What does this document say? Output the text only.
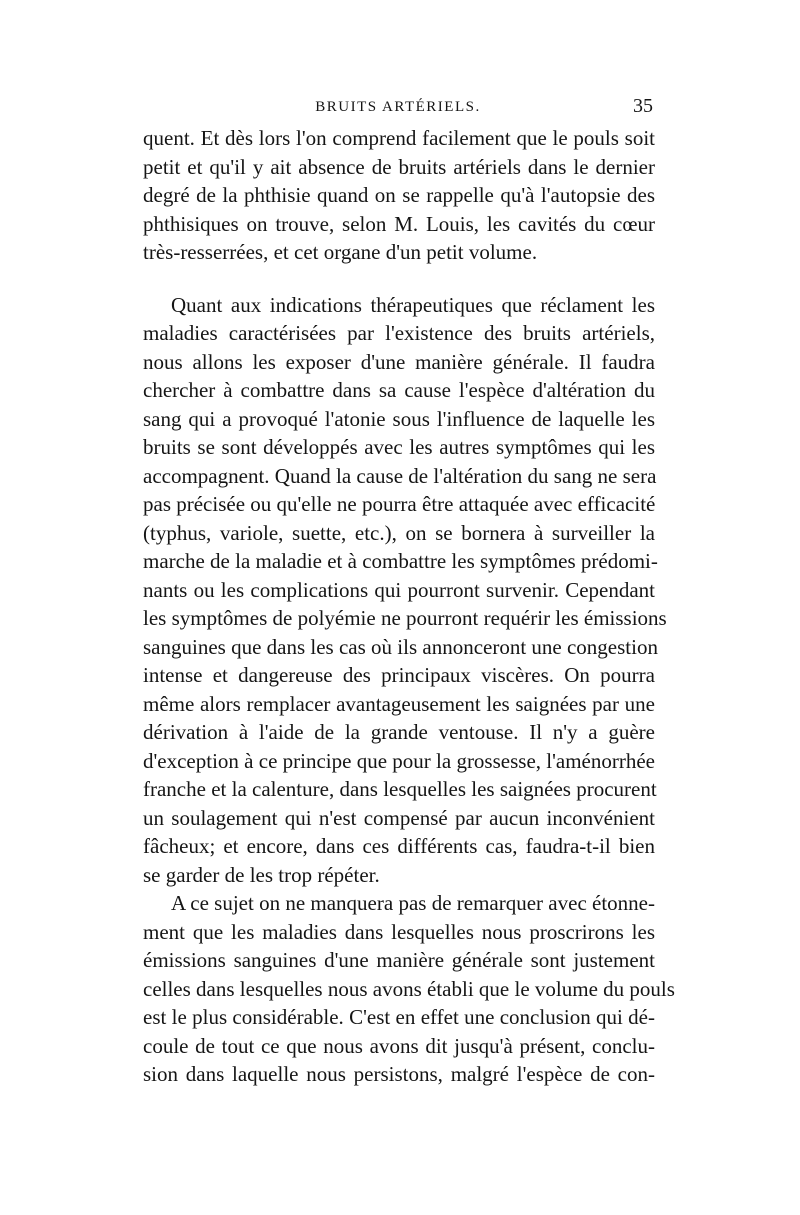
BRUITS ARTÉRIELS.	35
quent. Et dès lors l'on comprend facilement que le pouls soit
petit et qu'il y ait absence de bruits artériels dans le dernier
degré de la phthisie quand on se rappelle qu'à l'autopsie des
phthisiques on trouve, selon M. Louis, les cavités du cœur
très-resserrées, et cet organe d'un petit volume.
Quant aux indications thérapeutiques que réclament les
maladies caractérisées par l'existence des bruits artériels,
nous allons les exposer d'une manière générale. Il faudra
chercher à combattre dans sa cause l'espèce d'altération du
sang qui a provoqué l'atonie sous l'influence de laquelle les
bruits se sont développés avec les autres symptômes qui les
accompagnent. Quand la cause de l'altération du sang ne sera
pas précisée ou qu'elle ne pourra être attaquée avec efficacité
(typhus, variole, suette, etc.), on se bornera à surveiller la
marche de la maladie et à combattre les symptômes prédomi-
nants ou les complications qui pourront survenir. Cependant
les symptômes de polyémie ne pourront requérir les émissions
sanguines que dans les cas où ils annonceront une congestion
intense et dangereuse des principaux viscères. On pourra
même alors remplacer avantageusement les saignées par une
dérivation à l'aide de la grande ventouse. Il n'y a guère
d'exception à ce principe que pour la grossesse, l'aménorrhée
franche et la calenture, dans lesquelles les saignées procurent
un soulagement qui n'est compensé par aucun inconvénient
fâcheux; et encore, dans ces différents cas, faudra-t-il bien
se garder de les trop répéter.
A ce sujet on ne manquera pas de remarquer avec étonne-
ment que les maladies dans lesquelles nous proscrirons les
émissions sanguines d'une manière générale sont justement
celles dans lesquelles nous avons établi que le volume du pouls
est le plus considérable. C'est en effet une conclusion qui dé-
coule de tout ce que nous avons dit jusqu'à présent, conclu-
sion dans laquelle nous persistons, malgré l'espèce de con-
